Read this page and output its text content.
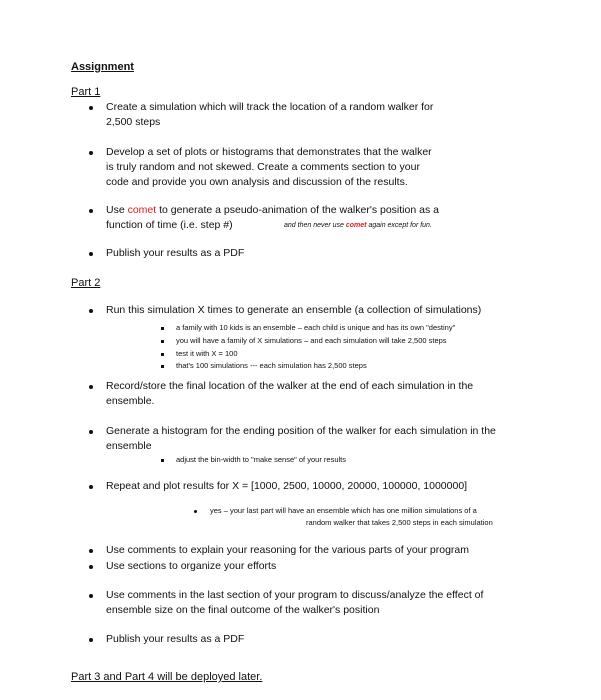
Assignment
Part 1
Create a simulation which will track the location of a random walker for
2,500 steps
Develop a set of plots or histograms that demonstrates that the walker
is truly random and not skewed. Create a comments section to your
code and provide you own analysis and discussion of the results.
Use comet to generate a pseudo-animation of the walker's position as a
function of time (i.e. step #)	and then never use comet again except for fun.
Publish your results as a PDF
Part 2
Run this simulation X times to generate an ensemble (a collection of simulations)
a family with 10 kids is an ensemble – each child is unique and has its own "destiny"
you will have a family of X simulations – and each simulation will take 2,500 steps
test it with X = 100
that's 100 simulations --- each simulation has 2,500 steps
Record/store the final location of the walker at the end of each simulation in the
ensemble.
Generate a histogram for the ending position of the walker for each simulation in the
ensemble
adjust the bin-width to "make sense" of your results
Repeat and plot results for X = [1000, 2500, 10000, 20000, 100000, 1000000]
yes – your last part will have an ensemble which has one million simulations of a
random walker that takes 2,500 steps in each simulation
Use comments to explain your reasoning for the various parts of your program
Use sections to organize your efforts
Use comments in the last section of your program to discuss/analyze the effect of
ensemble size on the final outcome of the walker's position
Publish your results as a PDF
Part 3 and Part 4 will be deployed later.
